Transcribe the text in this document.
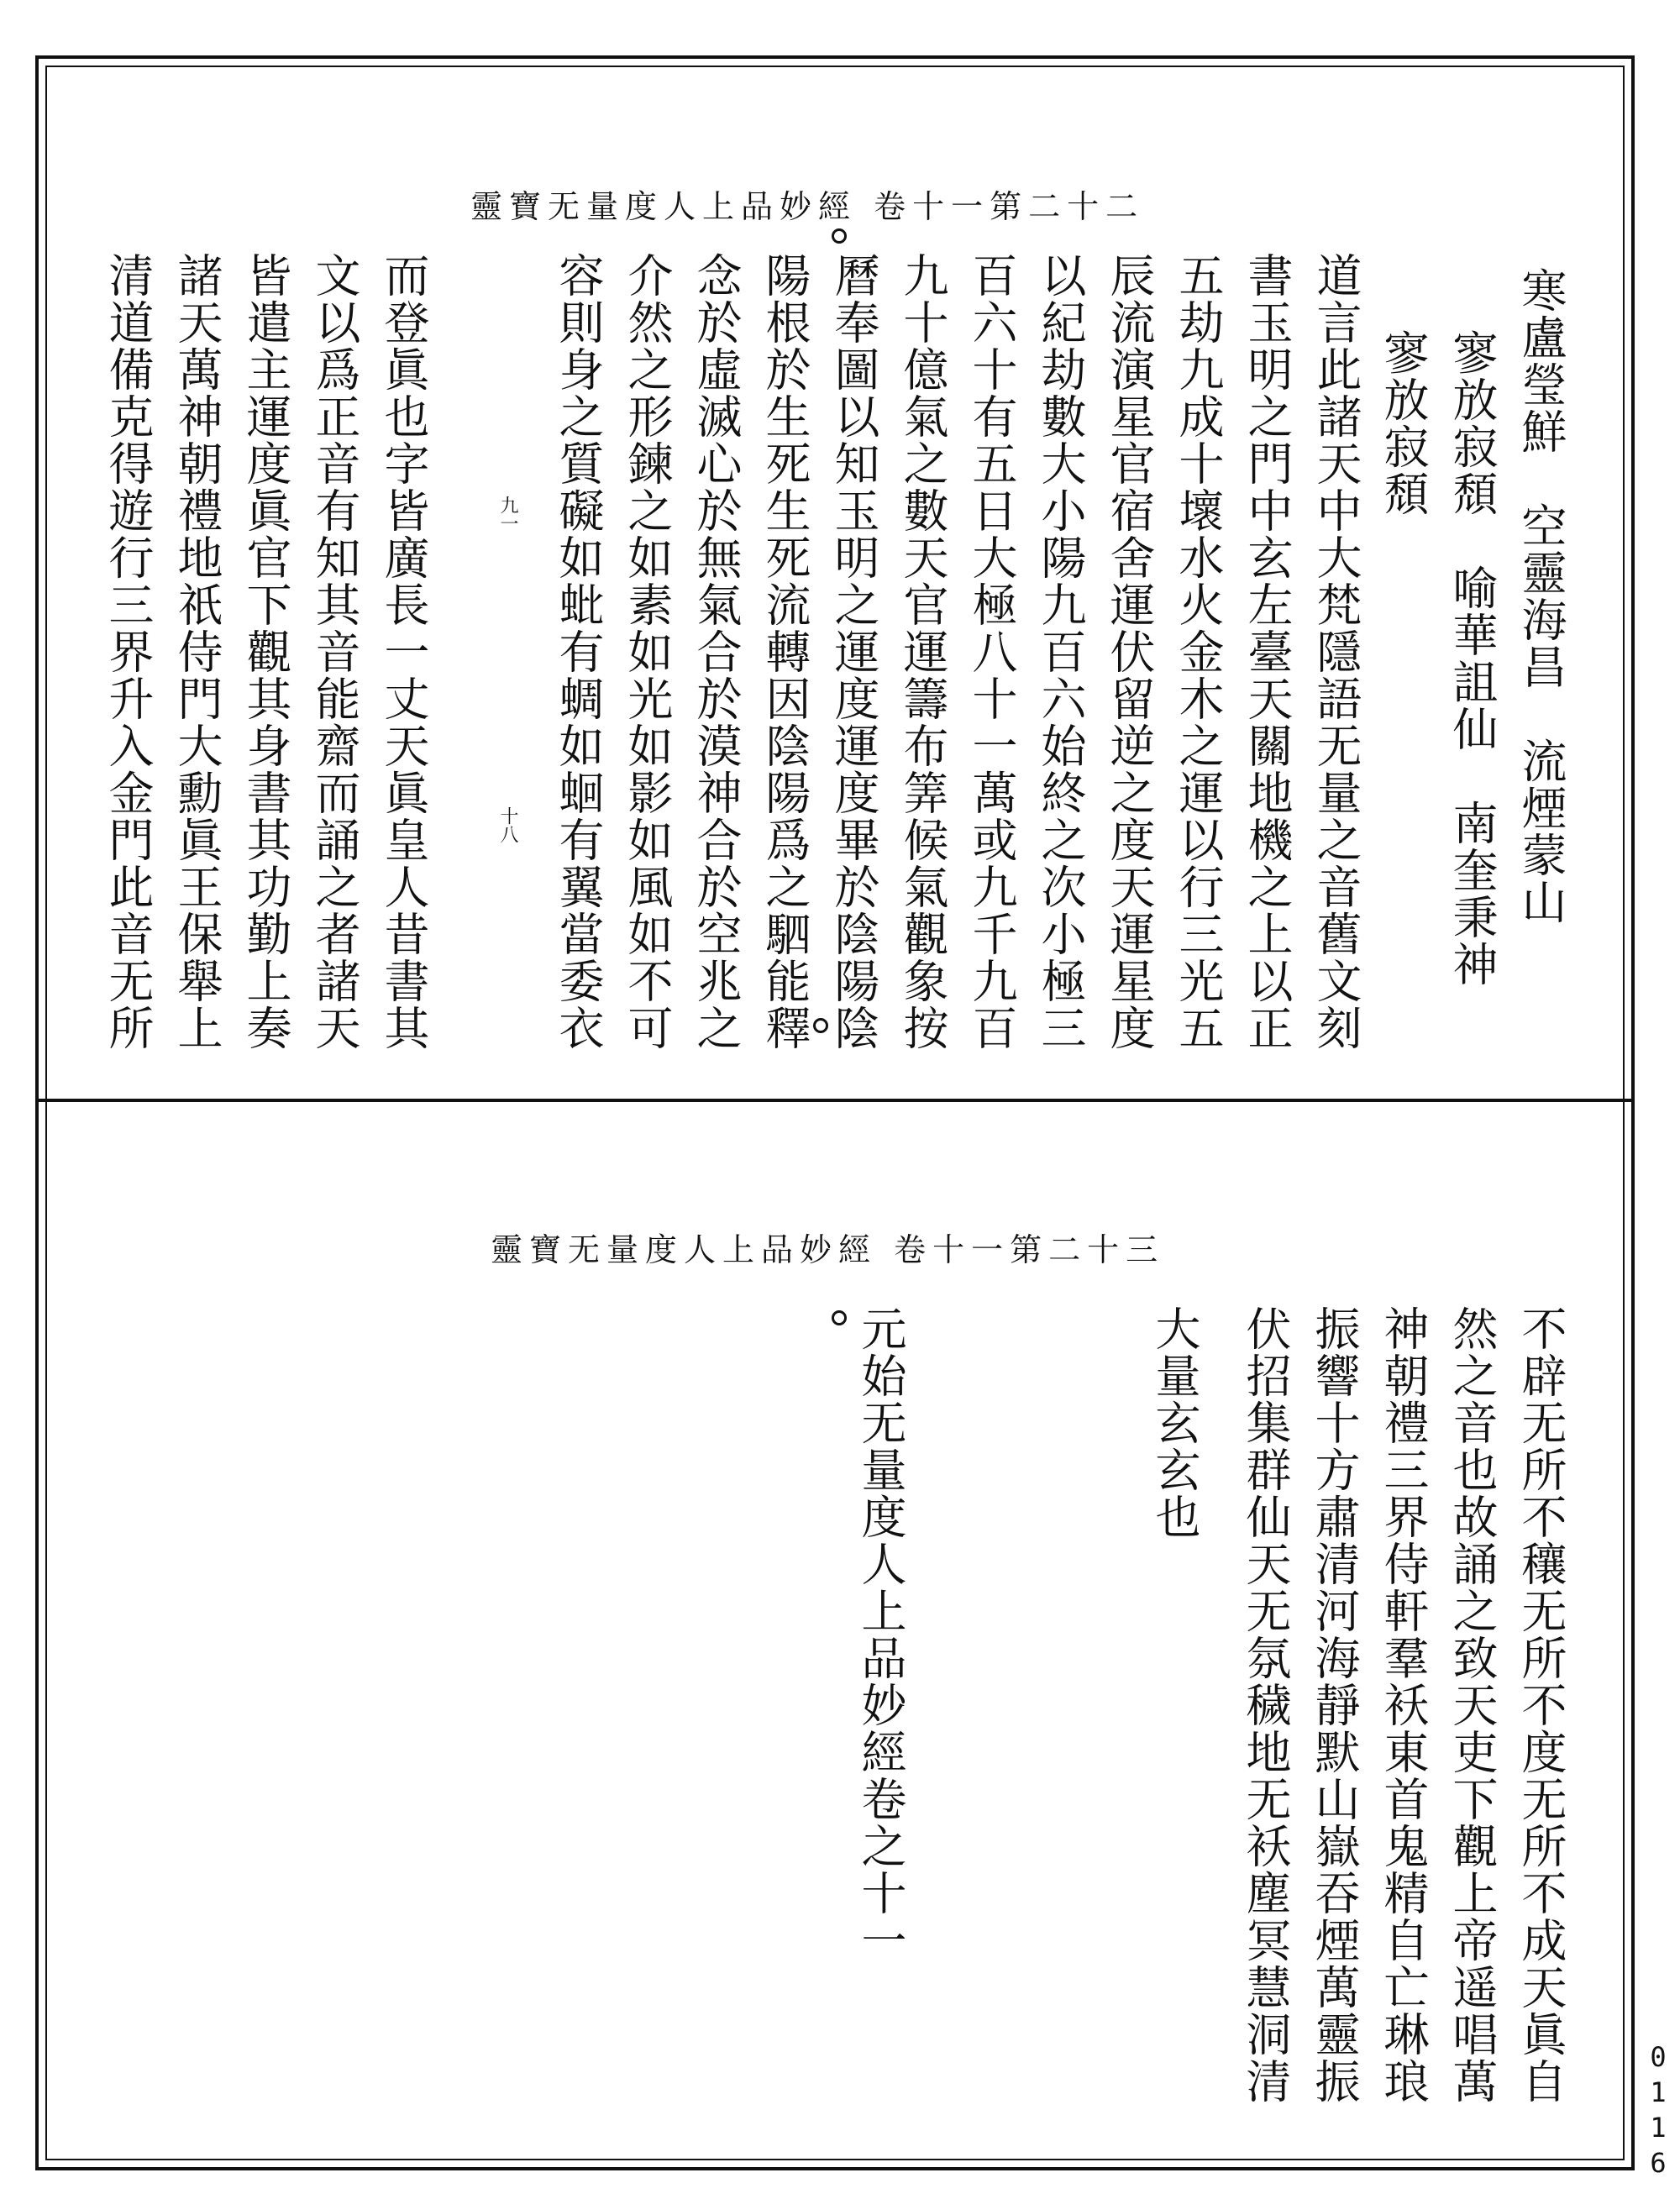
靈寶无量度人上品妙經 卷十一第二十二
寒盧瑩鮮　空靈海昌　流煙蒙山
寥放寂頹　喻華詛仙　南奎秉神
寥放寂頹
道言此諸天中大梵隱語无量之音舊文刻
書玉明之門中玄左臺天關地機之上以正
五劫九成十壞水火金木之運以行三光五
辰流演星官宿舍運伏留逆之度天運星度
以紀劫數大小陽九百六始終之次小極三
百六十有五日大極八十一萬或九千九百
九十億氣之數天官運籌布筭候氣觀象按
曆奉圖以知玉明之運度運度畢於陰陽陰
陽根於生死生死流轉因陰陽爲之駟能釋
念於虛滅心於無氣合於漠神合於空兆之
介然之形鍊之如素如光如影如風如不可
容則身之質礙如蚍有蜩如蛔有翼當委衣
而登眞也字皆廣長一丈天眞皇人昔書其
文以爲正音有知其音能齋而誦之者諸天
皆遣主運度眞官下觀其身書其功勤上奏
諸天萬神朝禮地祇侍門大勳眞王保舉上
清道備克得遊行三界升入金門此音无所	九一
十八
靈寶无量度人上品妙經 卷十一第二十三
不辟无所不穰无所不度无所不成天眞自
然之音也故誦之致天吏下觀上帝遥唱萬
神朝禮三界侍軒羣袄東首鬼精自亡琳琅
振響十方肅清河海靜默山嶽吞煙萬靈振
伏招集群仙天无氛穢地无袄塵冥慧洞清
大量玄玄也
元始无量度人上品妙經卷之十一
0116
